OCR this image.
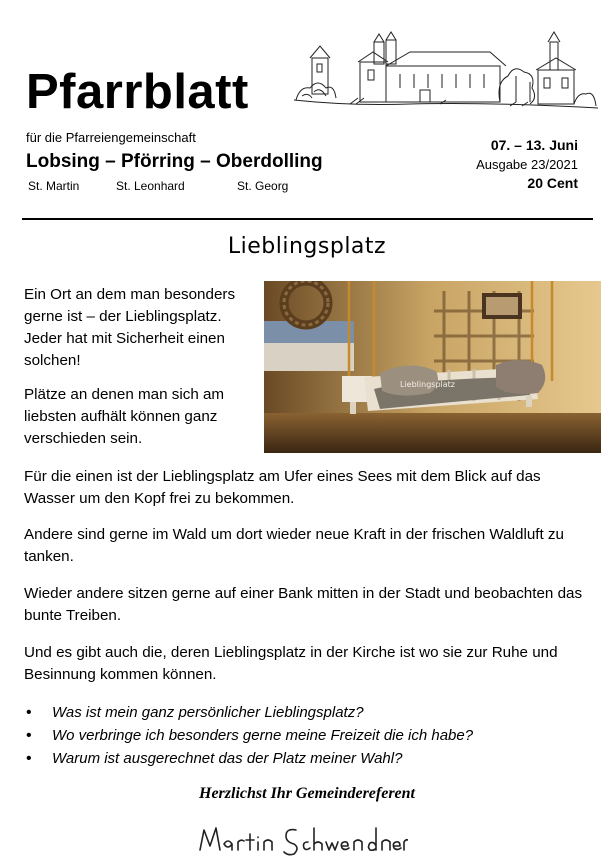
Pfarrblatt
für die Pfarreiengemeinschaft
Lobsing – Pförring – Oberdolling
St. Martin	St. Leonhard	St. Georg
07. – 13. Juni
Ausgabe 23/2021
20 Cent
Lieblingsplatz

Ein Ort an dem man besonders
gerne ist – der Lieblingsplatz.
Jeder hat mit Sicherheit einen
solchen!

Plätze an denen man sich am
liebsten aufhält können ganz
verschieden sein.

Lieblingsplatz

Für die einen ist der Lieblingsplatz am Ufer eines Sees mit dem Blick auf das Wasser um den Kopf frei zu bekommen.

Andere sind gerne im Wald um dort wieder neue Kraft in der frischen Waldluft zu tanken.

Wieder andere sitzen gerne auf einer Bank mitten in der Stadt und beobachten das bunte Treiben.

Und es gibt auch die, deren Lieblingsplatz in der Kirche ist wo sie zur Ruhe und Besinnung kommen können.

• Was ist mein ganz persönlicher Lieblingsplatz?
• Wo verbringe ich besonders gerne meine Freizeit die ich habe?
• Warum ist ausgerechnet das der Platz meiner Wahl?
Herzlichst Ihr Gemeindereferent
